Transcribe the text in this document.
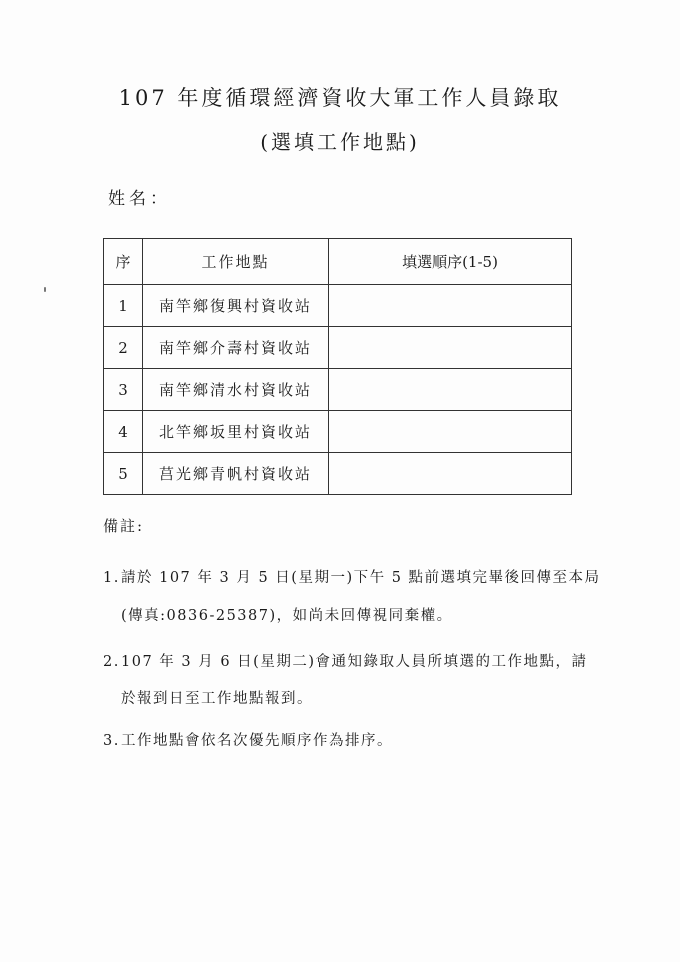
107 年度循環經濟資收大軍工作人員錄取
(選填工作地點)
姓名：
序	工作地點	填選順序(1-5)
1	南竿鄉復興村資收站	
2	南竿鄉介壽村資收站	
3	南竿鄉清水村資收站	
4	北竿鄉坂里村資收站	
5	莒光鄉青帆村資收站	
備註:
1.請於 107 年 3 月 5 日(星期一)下午 5 點前選填完畢後回傳至本局
(傳真:0836-25387)，如尚未回傳視同棄權。
2.107 年 3 月 6 日(星期二)會通知錄取人員所填選的工作地點，請
於報到日至工作地點報到。
3.工作地點會依名次優先順序作為排序。
